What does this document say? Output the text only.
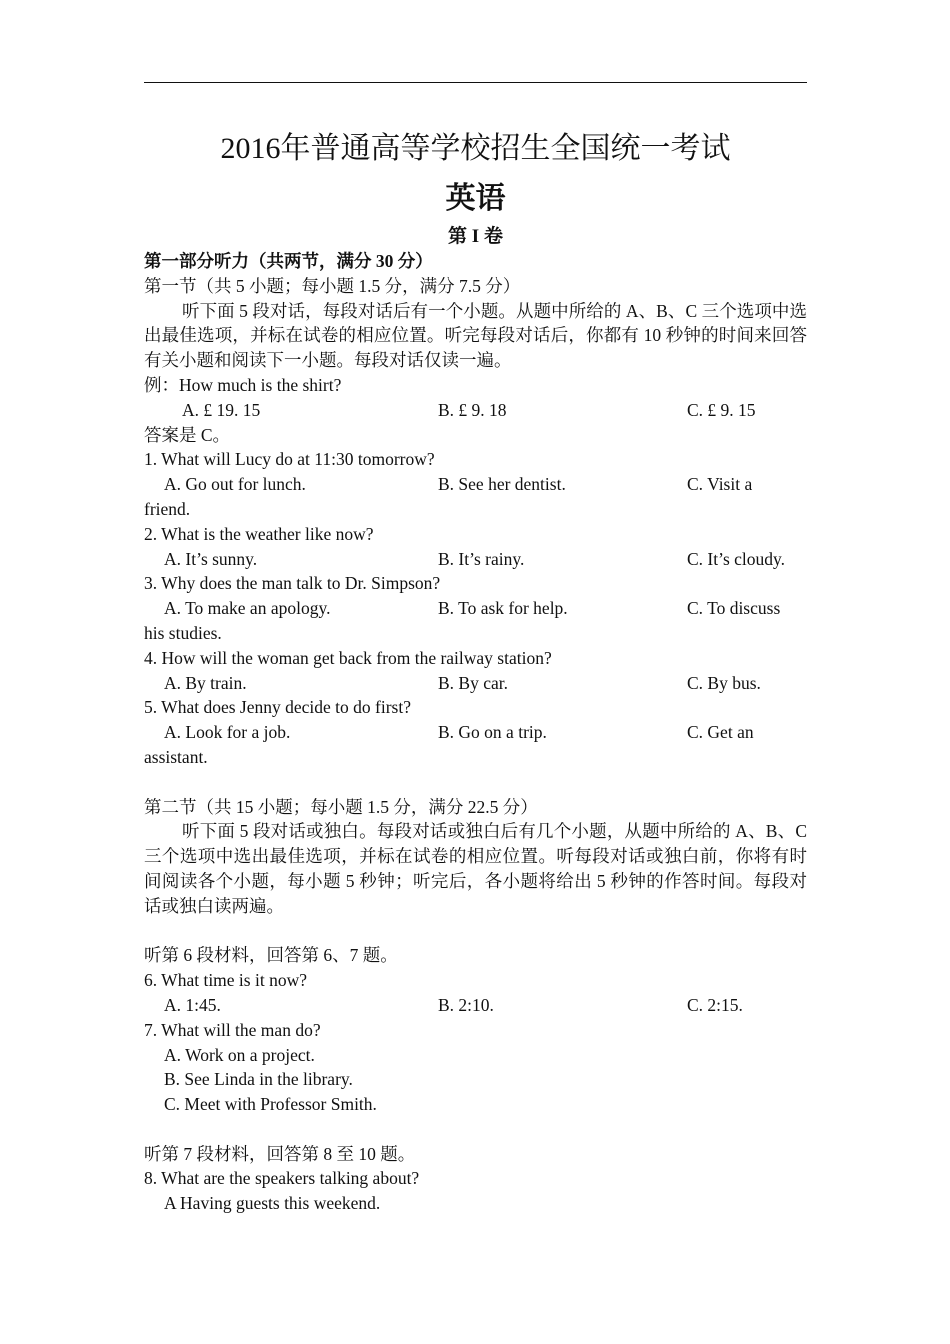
2016年普通高等学校招生全国统一考试
英语
第 I 卷
第一部分听力（共两节，满分 30 分）
第一节（共 5 小题；每小题 1.5 分，满分 7.5 分）
听下面 5 段对话，每段对话后有一个小题。从题中所给的 A、B、C 三个选项中选出最佳选项，并标在试卷的相应位置。听完每段对话后，你都有 10 秒钟的时间来回答有关小题和阅读下一小题。每段对话仅读一遍。
例：How much is the shirt?
A. £ 19. 15	B. £ 9. 18	C. £ 9. 15
答案是 C。
1. What will Lucy do at 11:30 tomorrow?
A. Go out for lunch.	B. See her dentist.	C. Visit a
friend.
2. What is the weather like now?
A. It’s sunny.	B. It’s rainy.	C. It’s cloudy.
3. Why does the man talk to Dr. Simpson?
A. To make an apology.	B. To ask for help.	C. To discuss
his studies.
4. How will the woman get back from the railway station?
A. By train.	B. By car.	C. By bus.
5. What does Jenny decide to do first?
A. Look for a job.	B. Go on a trip.	C. Get an
assistant.
第二节（共 15 小题；每小题 1.5 分，满分 22.5 分）
听下面 5 段对话或独白。每段对话或独白后有几个小题，从题中所给的 A、B、C 三个选项中选出最佳选项，并标在试卷的相应位置。听每段对话或独白前，你将有时间阅读各个小题，每小题 5 秒钟；听完后，各小题将给出 5 秒钟的作答时间。每段对话或独白读两遍。
听第 6 段材料，回答第 6、7 题。
6. What time is it now?
A. 1:45.	B. 2:10.	C. 2:15.
7. What will the man do?
A. Work on a project.
B. See Linda in the library.
C. Meet with Professor Smith.
听第 7 段材料，回答第 8 至 10 题。
8. What are the speakers talking about?
A Having guests this weekend.
